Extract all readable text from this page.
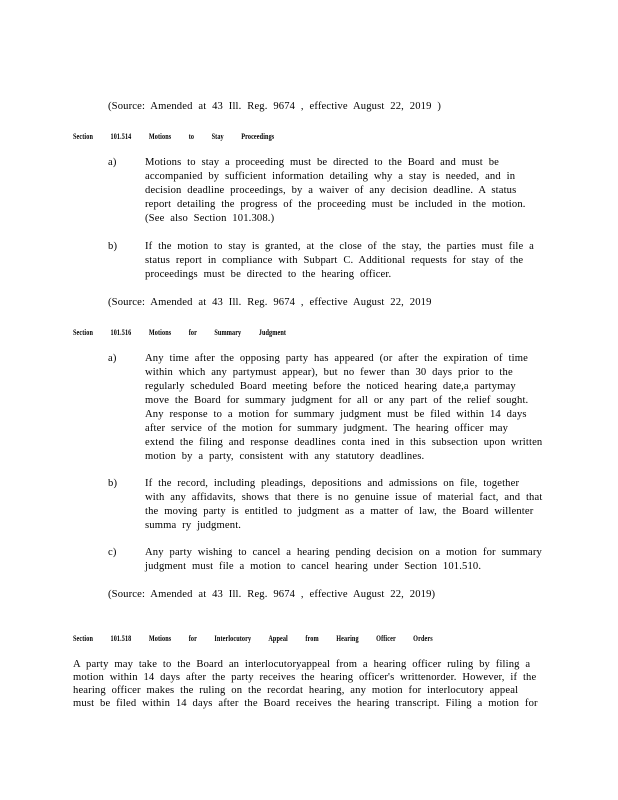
(Source: Amended at 43 Ill. Reg. 9674 , effective August 22, 2019 )
Section 101.514 Motions to Stay Proceedings
a)	Motions to stay a proceeding must be directed to the Board and must be
accompanied by sufficient information detailing why a stay is needed, and in
decision deadline proceedings, by a waiver of any decision deadline. A status
report detailing the progress of the proceeding must be included in the motion.
(See also Section 101.308.)
b)	If the motion to stay is granted, at the close of the stay, the parties must file a
status report in compliance with Subpart C. Additional requests for stay of the
proceedings must be directed to the hearing officer.
(Source: Amended at 43 Ill. Reg. 9674 , effective August 22, 2019
Section 101.516 Motions for Summary Judgment
a)	Any time after the opposing party has appeared (or after the expiration of time
within which any partymust appear), but no fewer than 30 days prior to the
regularly scheduled Board meeting before the noticed hearing date,a partymay
move the Board for summary judgment for all or any part of the relief sought.
Any response to a motion for summary judgment must be filed within 14 days
after service of the motion for summary judgment. The hearing officer may
extend the filing and response deadlines conta ined in this subsection upon written
motion by a party, consistent with any statutory deadlines.
b)	If the record, including pleadings, depositions and admissions on file, together
with any affidavits, shows that there is no genuine issue of material fact, and that
the moving party is entitled to judgment as a matter of law, the Board willenter
summa ry judgment.
c)	Any party wishing to cancel a hearing pending decision on a motion for summary
judgment must file a motion to cancel hearing under Section 101.510.
(Source: Amended at 43 Ill. Reg. 9674 , effective August 22, 2019)
Section 101.518 Motions for Interlocutory Appeal from Hearing Officer Orders
A party may take to the Board an interlocutoryappeal from a hearing officer ruling by filing a
motion within 14 days after the party receives the hearing officer's writtenorder. However, if the
hearing officer makes the ruling on the recordat hearing, any motion for interlocutory appeal
must be filed within 14 days after the Board receives the hearing transcript. Filing a motion for
